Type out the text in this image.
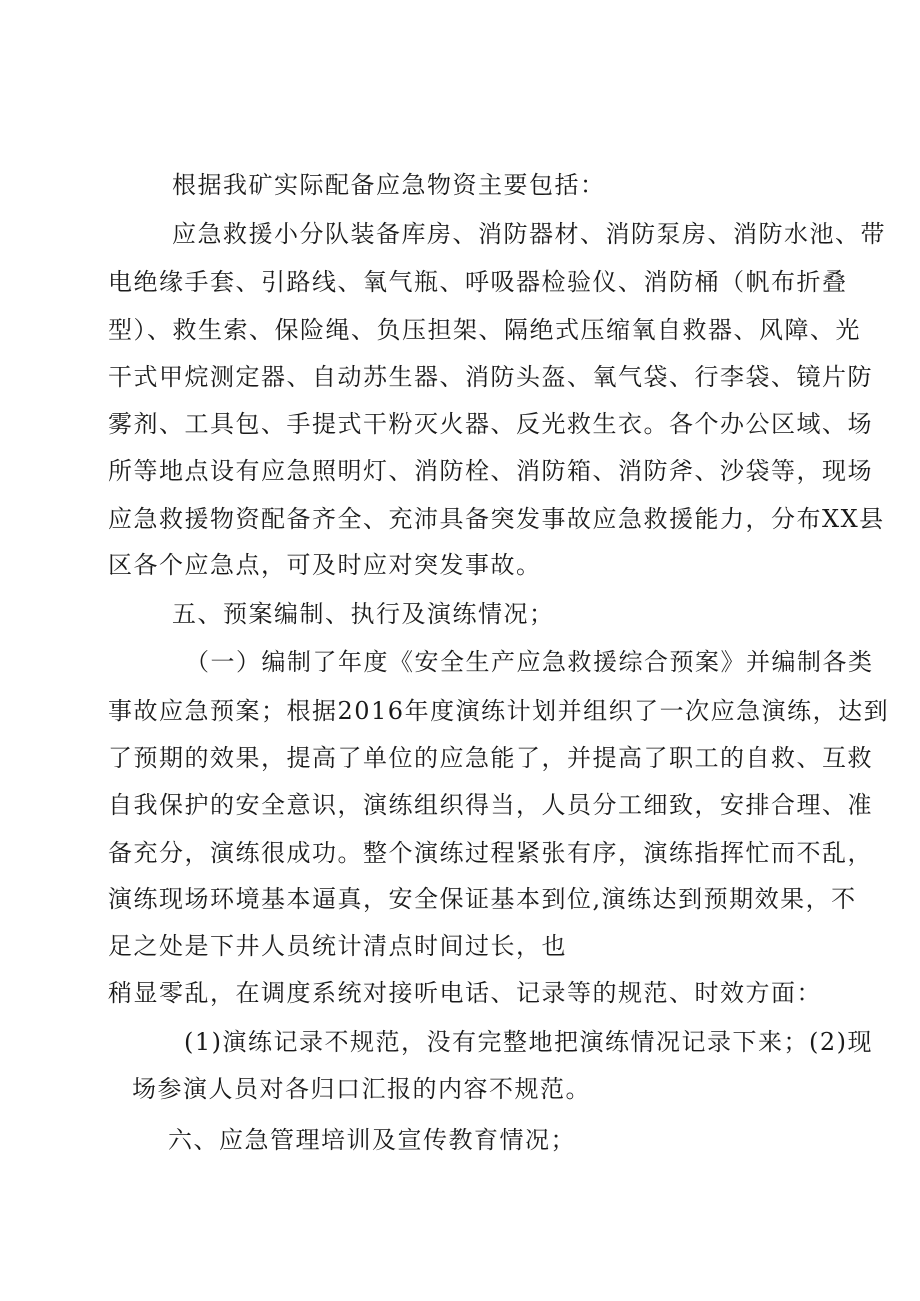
根据我矿实际配备应急物资主要包括：
应急救援小分队装备库房、消防器材、消防泵房、消防水池、带
电绝缘手套、引路线、氧气瓶、呼吸器检验仪、消防桶（帆布折叠
型）、救生索、保险绳、负压担架、隔绝式压缩氧自救器、风障、光
干式甲烷测定器、自动苏生器、消防头盔、氧气袋、行李袋、镜片防
雾剂、工具包、手提式干粉灭火器、反光救生衣。各个办公区域、场
所等地点设有应急照明灯、消防栓、消防箱、消防斧、沙袋等，现场
应急救援物资配备齐全、充沛具备突发事故应急救援能力，分布XX县
区各个应急点，可及时应对突发事故。
五、预案编制、执行及演练情况；
（一）编制了年度《安全生产应急救援综合预案》并编制各类
事故应急预案；根据2016年度演练计划并组织了一次应急演练，达到
了预期的效果，提高了单位的应急能了，并提高了职工的自救、互救
自我保护的安全意识，演练组织得当，人员分工细致，安排合理、准
备充分，演练很成功。整个演练过程紧张有序，演练指挥忙而不乱，
演练现场环境基本逼真，安全保证基本到位,演练达到预期效果，不
足之处是下井人员统计清点时间过长，也
稍显零乱，在调度系统对接听电话、记录等的规范、时效方面：
(1)演练记录不规范，没有完整地把演练情况记录下来；(2)现
场参演人员对各归口汇报的内容不规范。
六、应急管理培训及宣传教育情况；
